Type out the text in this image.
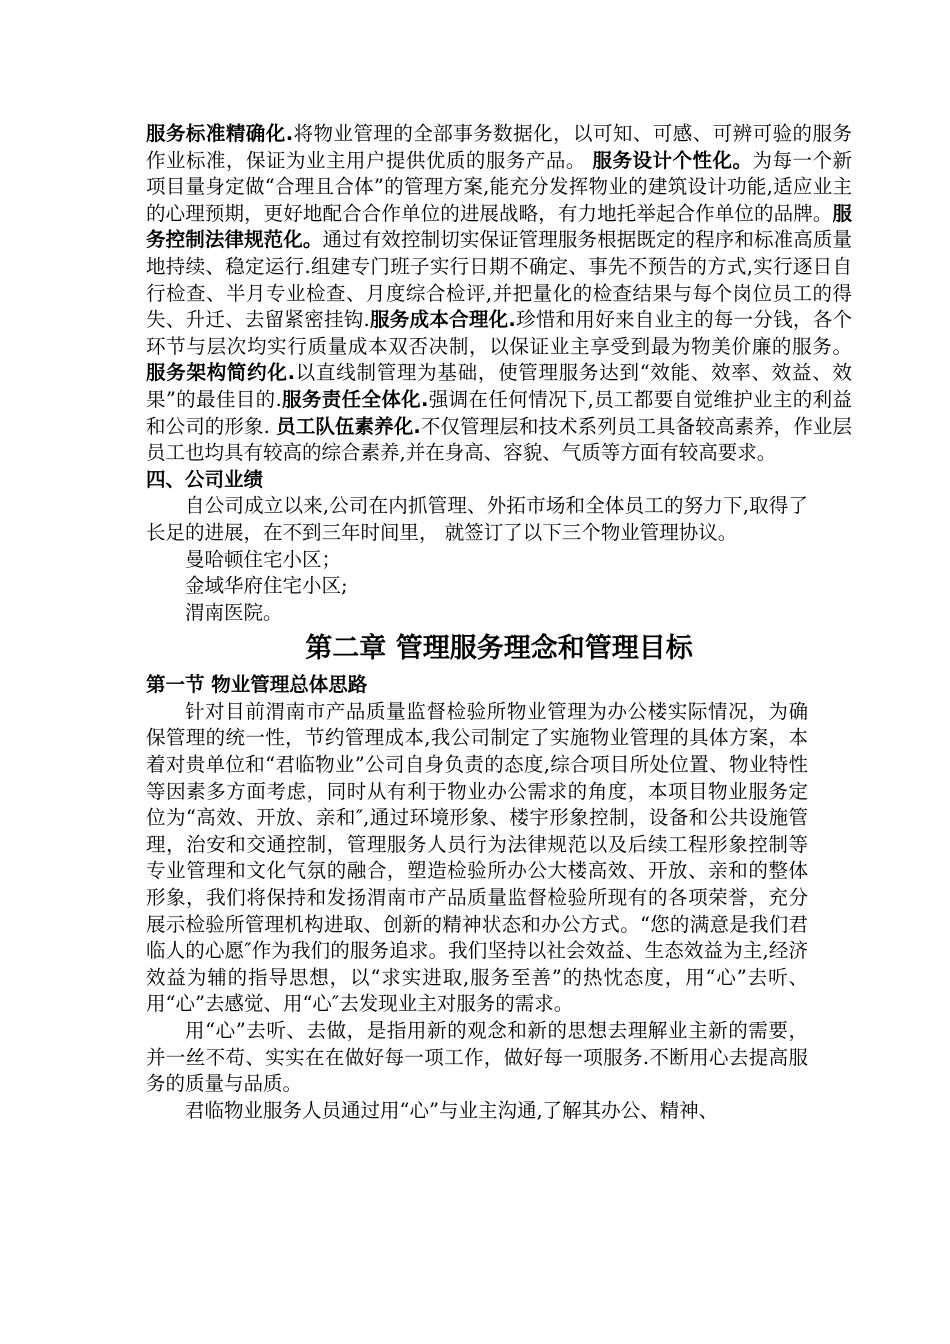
服务标准精确化.将物业管理的全部事务数据化，以可知、可感、可辨可验的服务作业标准，保证为业主用户提供优质的服务产品。 服务设计个性化。为每一个新项目量身定做“合理且合体”的管理方案,能充分发挥物业的建筑设计功能,适应业主的心理预期，更好地配合合作单位的进展战略，有力地托举起合作单位的品牌。服务控制法律规范化。通过有效控制切实保证管理服务根据既定的程序和标准高质量地持续、稳定运行.组建专门班子实行日期不确定、事先不预告的方式,实行逐日自行检查、半月专业检查、月度综合检评,并把量化的检查结果与每个岗位员工的得失、升迁、去留紧密挂钩.服务成本合理化.珍惜和用好来自业主的每一分钱，各个环节与层次均实行质量成本双否决制，以保证业主享受到最为物美价廉的服务。 服务架构简约化.以直线制管理为基础，使管理服务达到“效能、效率、效益、效果”的最佳目的.服务责任全体化.强调在任何情况下,员工都要自觉维护业主的利益和公司的形象. 员工队伍素养化.不仅管理层和技术系列员工具备较高素养，作业层员工也均具有较高的综合素养,并在身高、容貌、气质等方面有较高要求。

四、公司业绩

自公司成立以来,公司在内抓管理、外拓市场和全体员工的努力下,取得了长足的进展，在不到三年时间里， 就签订了以下三个物业管理协议。

曼哈顿住宅小区；

金域华府住宅小区;

渭南医院。

第二章 管理服务理念和管理目标

第一节 物业管理总体思路

针对目前渭南市产品质量监督检验所物业管理为办公楼实际情况，为确保管理的统一性，节约管理成本,我公司制定了实施物业管理的具体方案，本着对贵单位和“君临物业”公司自身负责的态度,综合项目所处位置、物业特性等因素多方面考虑，同时从有利于物业办公需求的角度，本项目物业服务定位为“高效、开放、亲和″,通过环境形象、楼宇形象控制，设备和公共设施管理，治安和交通控制，管理服务人员行为法律规范以及后续工程形象控制等专业管理和文化气氛的融合，塑造检验所办公大楼高效、开放、亲和的整体形象，我们将保持和发扬渭南市产品质量监督检验所现有的各项荣誉，充分展示检验所管理机构进取、创新的精神状态和办公方式。“您的满意是我们君临人的心愿″作为我们的服务追求。我们坚持以社会效益、生态效益为主,经济效益为辅的指导思想，以“求实进取,服务至善”的热忱态度，用“心”去听、用“心”去感觉、用“心″去发现业主对服务的需求。

用“心”去听、去做，是指用新的观念和新的思想去理解业主新的需要，并一丝不苟、实实在在做好每一项工作，做好每一项服务.不断用心去提高服务的质量与品质。

君临物业服务人员通过用“心”与业主沟通,了解其办公、精神、
